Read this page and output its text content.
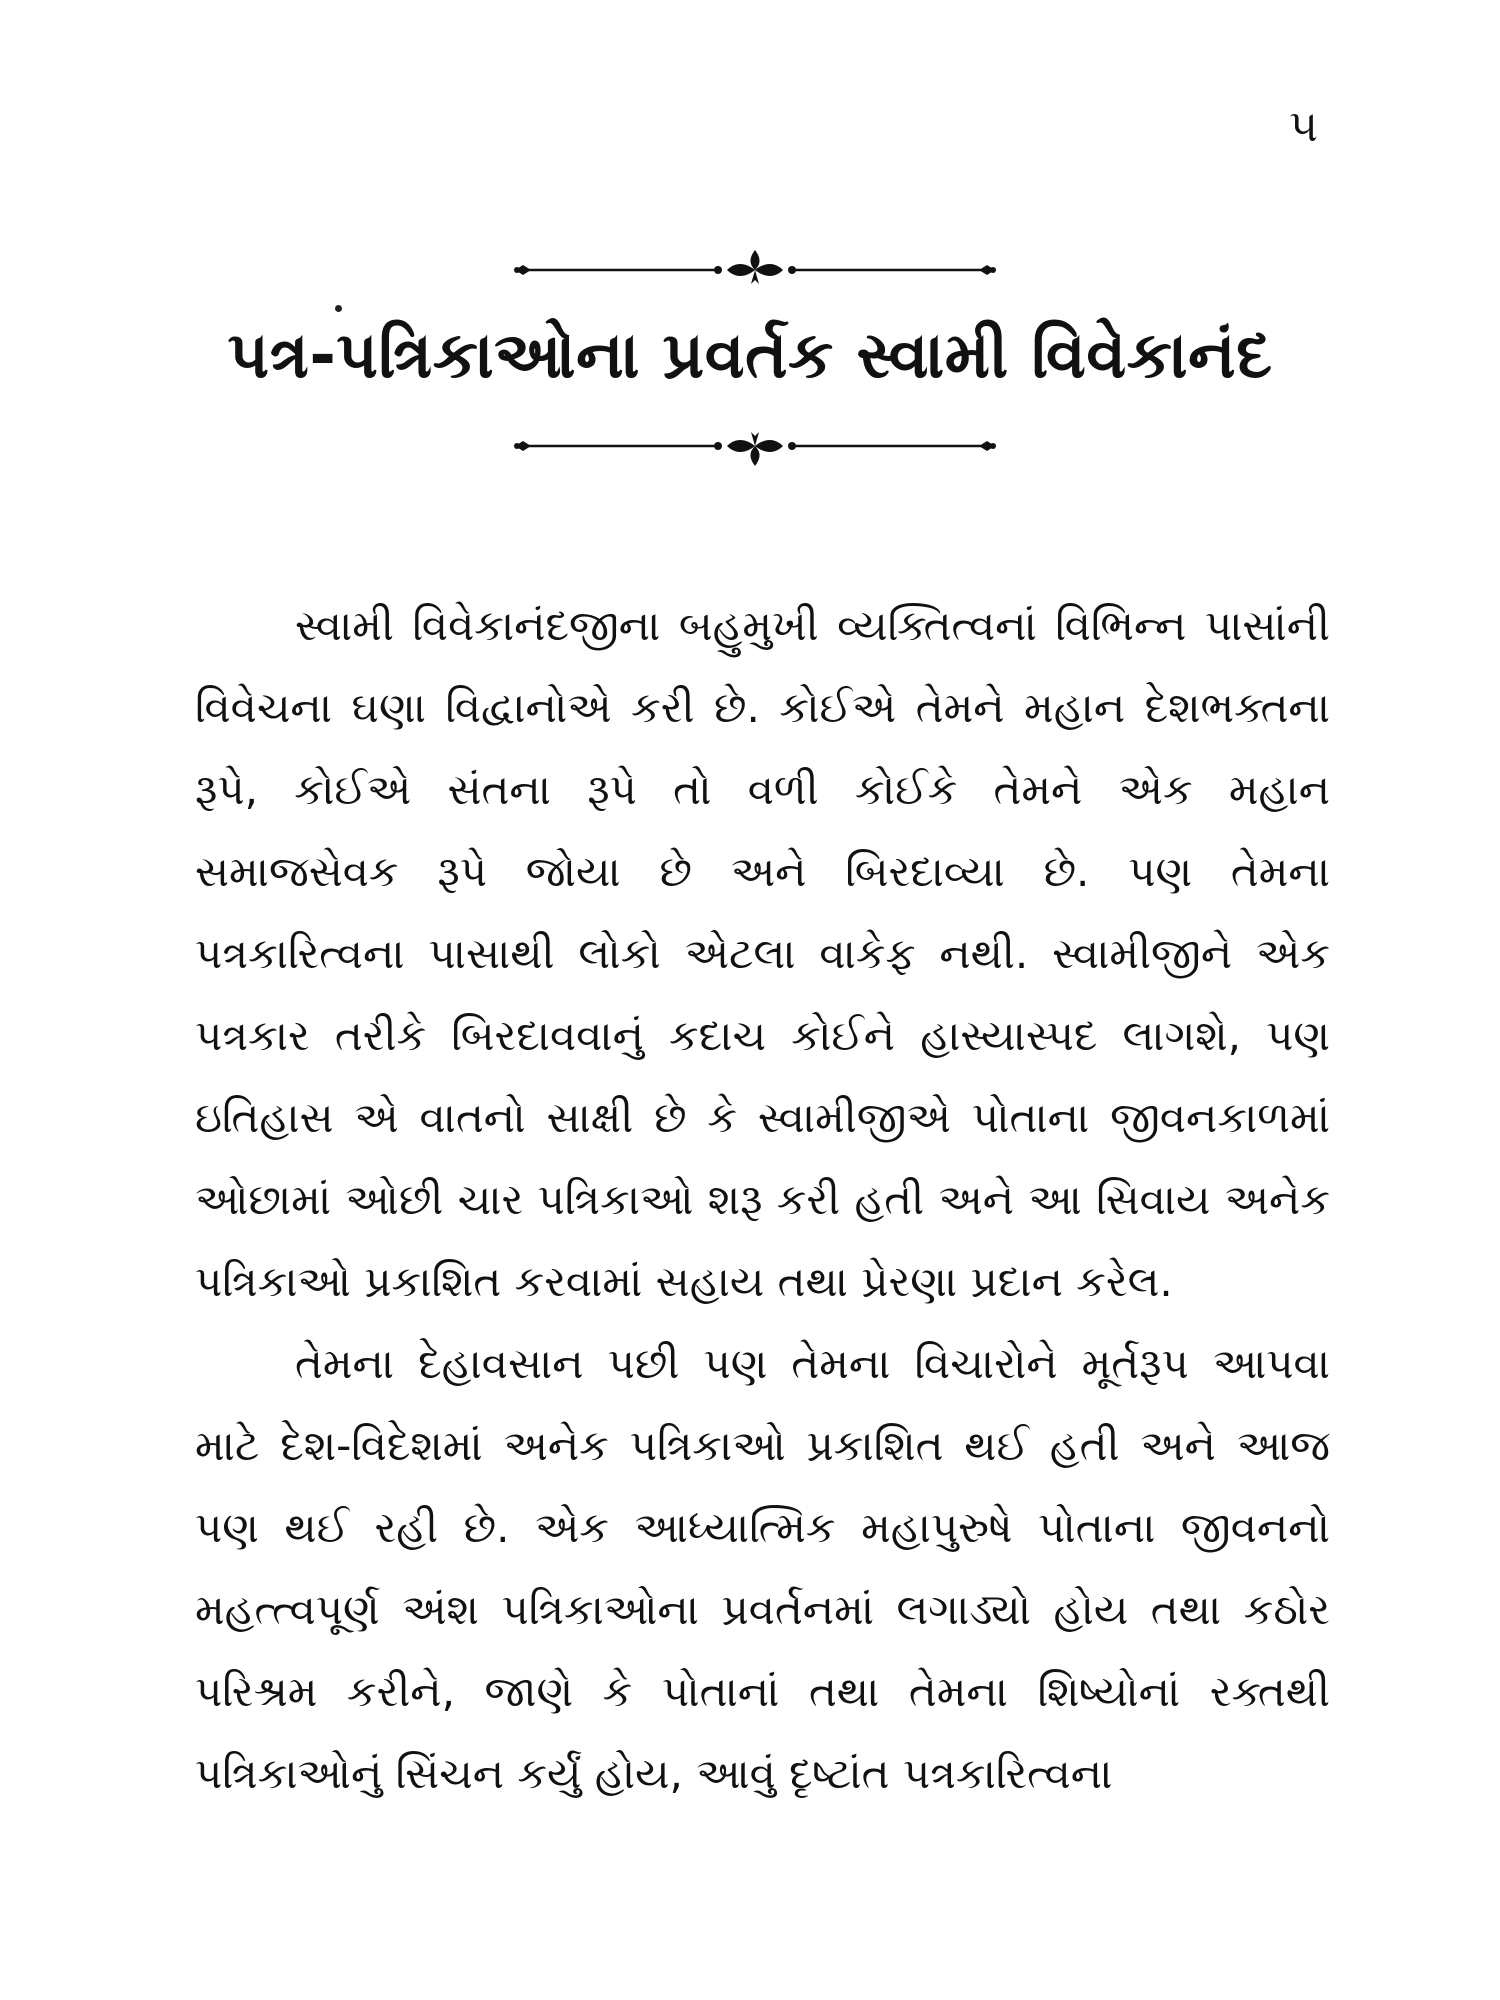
૫
પત્ર-પત્રિકાઓના પ્રવર્તક સ્વામી વિવેકાનંદ

સ્વામી વિવેકાનંદજીના બહુમુખી વ્યક્તિત્વનાં વિભિન્ન પાસાંની વિવેચના ઘણા વિદ્વાનોએ કરી છે. કોઈએ તેમને મહાન દેશભક્તના રૂપે, કોઈએ સંતના રૂપે તો વળી કોઈકે તેમને એક મહાન સમાજસેવક રૂપે જોયા છે અને બિરદાવ્યા છે. પણ તેમના પત્રકારિત્વના પાસાથી લોકો એટલા વાકેફ નથી. સ્વામીજીને એક પત્રકાર તરીકે બિરદાવવાનું કદાચ કોઈને હાસ્યાસ્પદ લાગશે, પણ ઇતિહાસ એ વાતનો સાક્ષી છે કે સ્વામીજીએ પોતાના જીવનકાળમાં ઓછામાં ઓછી ચાર પત્રિકાઓ શરૂ કરી હતી અને આ સિવાય અનેક પત્રિકાઓ પ્રકાશિત કરવામાં સહાય તથા પ્રેરણા પ્રદાન કરેલ.

તેમના દેહાવસાન પછી પણ તેમના વિચારોને મૂર્તરૂપ આપવા માટે દેશ-વિદેશમાં અનેક પત્રિકાઓ પ્રકાશિત થઈ હતી અને આજ પણ થઈ રહી છે. એક આધ્યાત્મિક મહાપુરુષે પોતાના જીવનનો મહત્ત્વપૂર્ણ અંશ પત્રિકાઓના પ્રવર્તનમાં લગાડ્યો હોય તથા કઠોર પરિશ્રમ કરીને, જાણે કે પોતાનાં તથા તેમના શિષ્યોનાં રક્તથી પત્રિકાઓનું સિંચન કર્યું હોય, આવું દૃષ્ટાંત પત્રકારિત્વના
